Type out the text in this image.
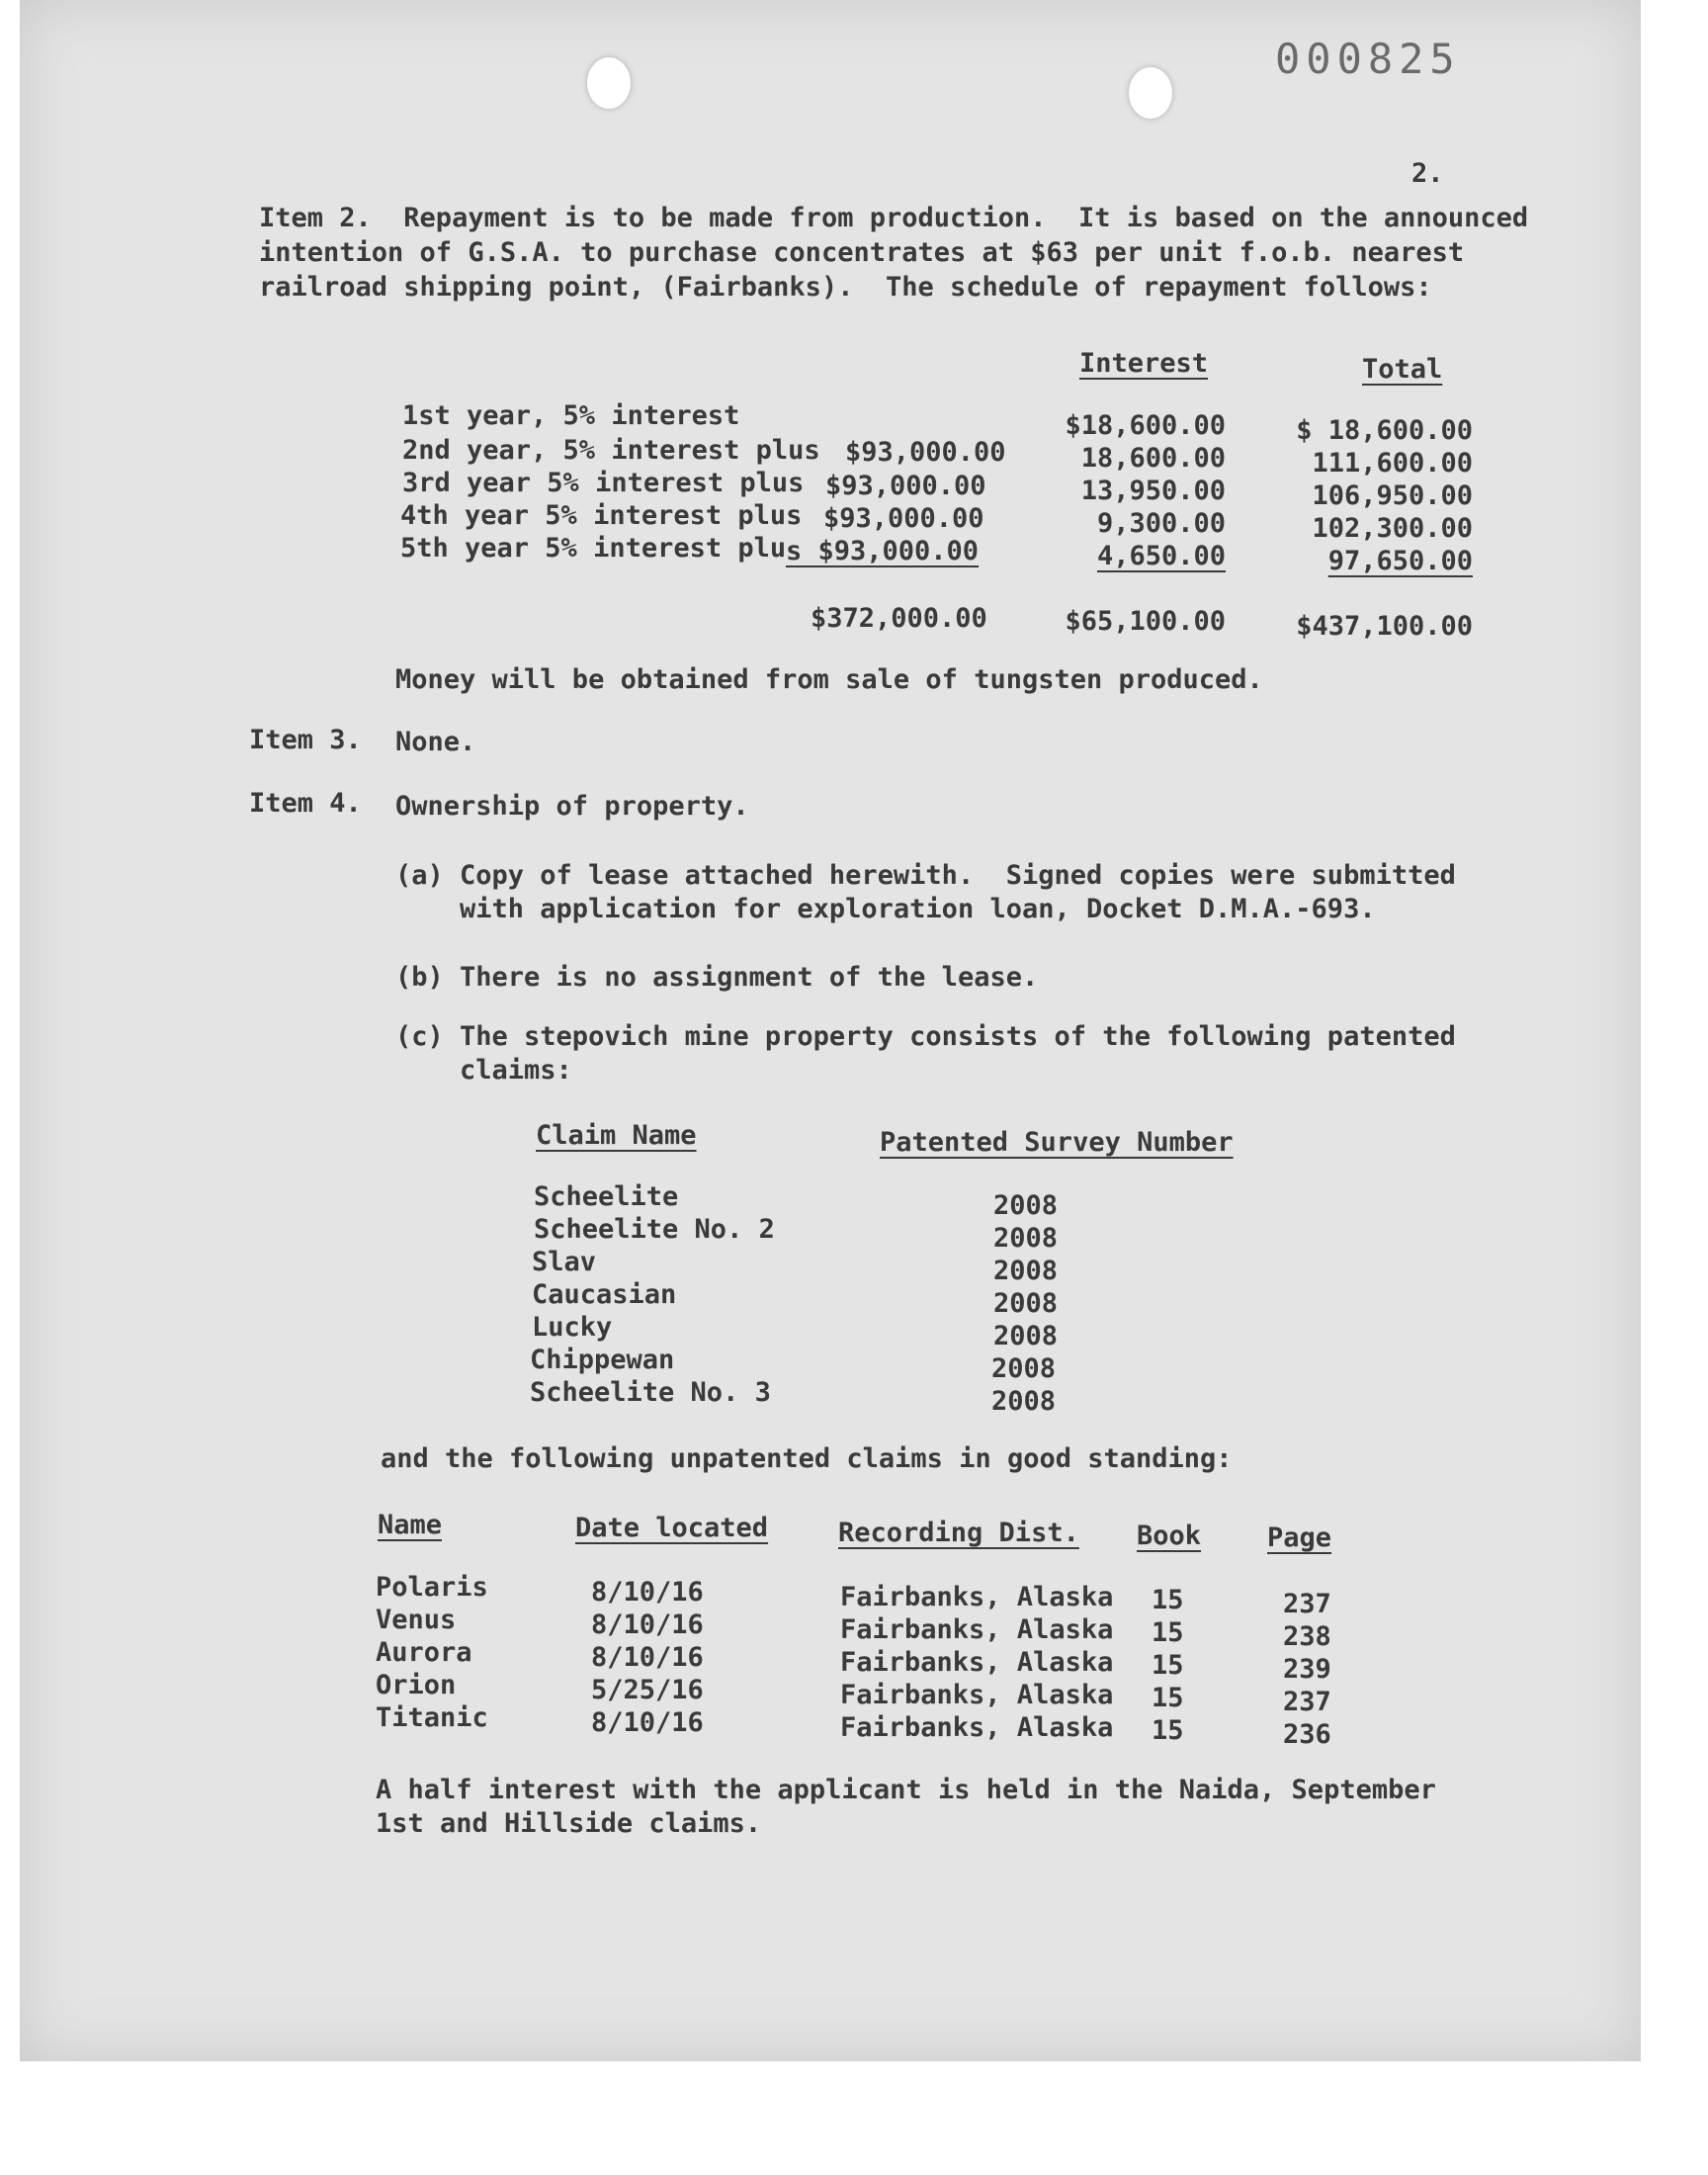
000825
2.
Item 2.  Repayment is to be made from production.  It is based on the announced
intention of G.S.A. to purchase concentrates at $63 per unit f.o.b. nearest
railroad shipping point, (Fairbanks).  The schedule of repayment follows:
Interest	Total
1st year, 5% interest	$18,600.00	$ 18,600.00
2nd year, 5% interest plus $93,000.00	18,600.00	111,600.00
3rd year 5% interest plus $93,000.00	13,950.00	106,950.00
4th year 5% interest plus $93,000.00	9,300.00	102,300.00
5th year 5% interest plu s $93,000.00	4,650.00	97,650.00
$372,000.00	$65,100.00	$437,100.00
Money will be obtained from sale of tungsten produced.
Item 3. None.
Item 4. Ownership of property.
(a) Copy of lease attached herewith.  Signed copies were submitted
with application for exploration loan, Docket D.M.A.-693.
(b) There is no assignment of the lease.
(c) The stepovich mine property consists of the following patented
claims:
Claim Name	Patented Survey Number
Scheelite	2008
Scheelite No. 2	2008
Slav	2008
Caucasian	2008
Lucky	2008
Chippewan	2008
Scheelite No. 3	2008
and the following unpatented claims in good standing:
Name	Date located	Recording Dist. Book Page
Polaris	8/10/16	Fairbanks, Alaska 15	237
Venus	8/10/16	Fairbanks, Alaska 15	238
Aurora	8/10/16	Fairbanks, Alaska 15	239
Orion	5/25/16	Fairbanks, Alaska 15	237
Titanic	8/10/16	Fairbanks, Alaska 15	236
A half interest with the applicant is held in the Naida, September
1st and Hillside claims.
